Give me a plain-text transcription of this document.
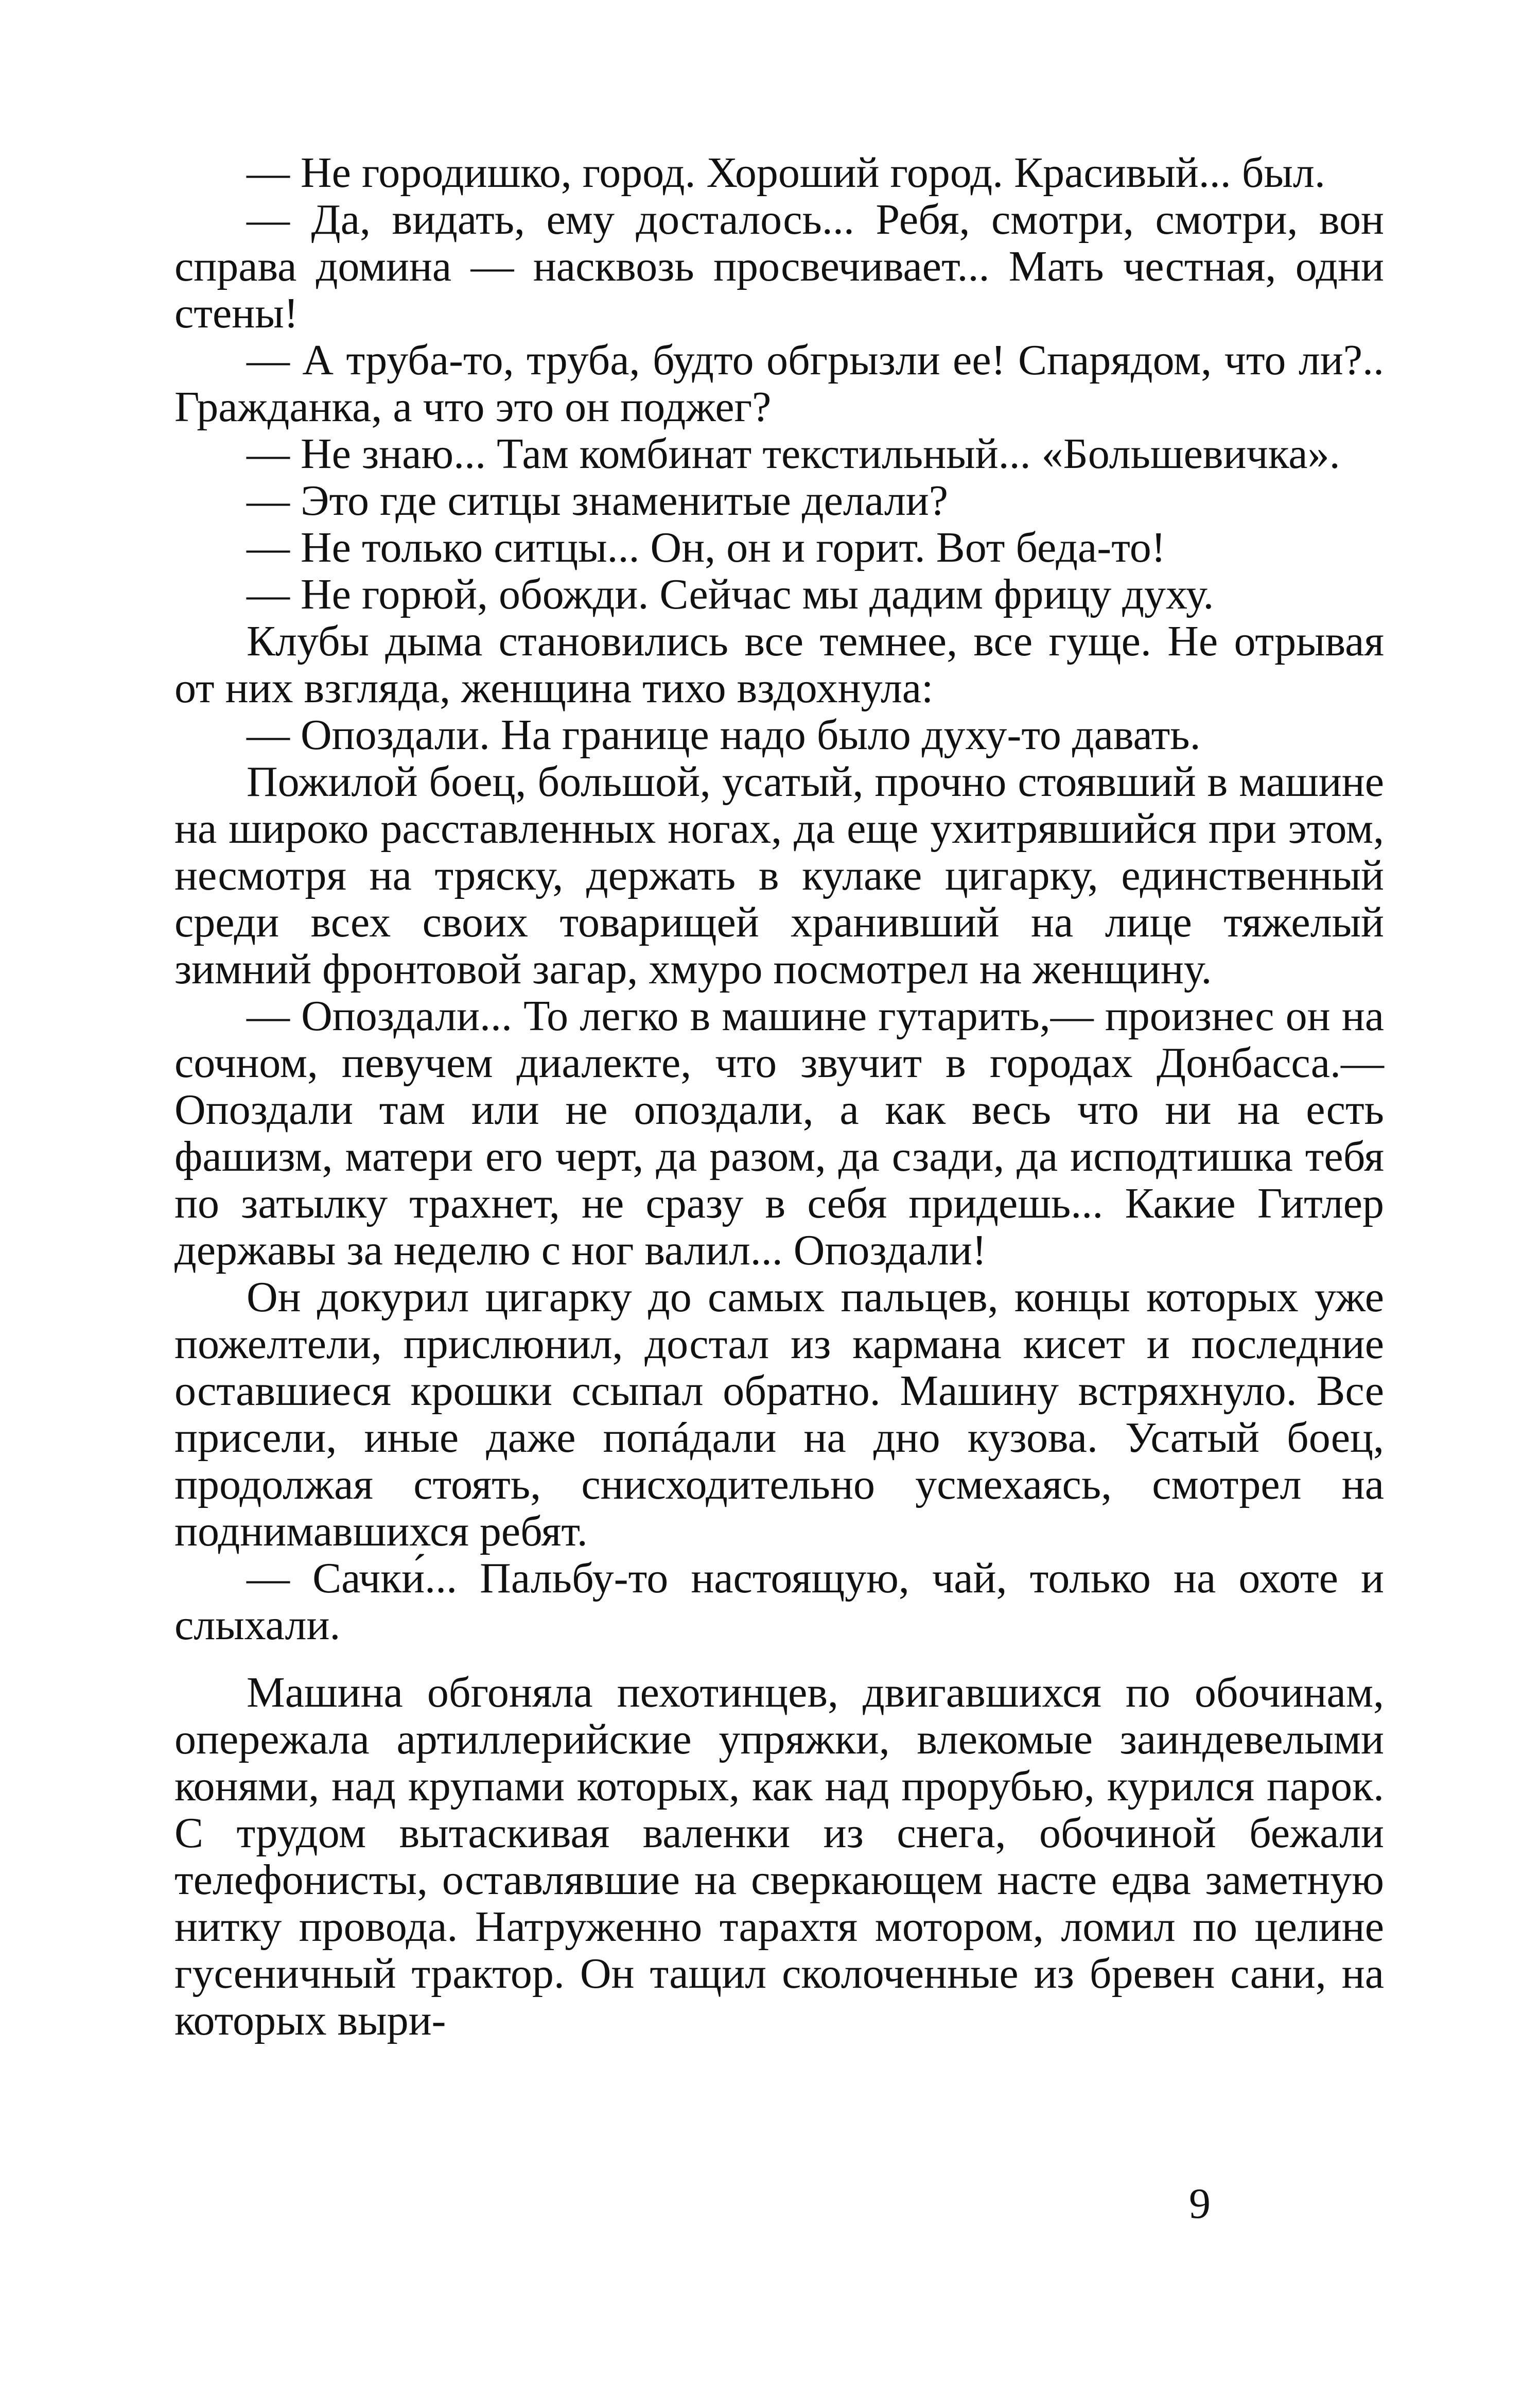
— Не городишко, город. Хороший город. Красивый... был.

— Да, видать, ему досталось... Ребя, смотри, смотри, вон справа домина — насквозь просвечивает... Мать честная, одни стены!

— А труба-то, труба, будто обгрызли ее! Спарядом, что ли?.. Гражданка, а что это он поджег?

— Не знаю... Там комбинат текстильный... «Большевичка».

— Это где ситцы знаменитые делали?

— Не только ситцы... Он, он и горит. Вот беда-то!

— Не горюй, обожди. Сейчас мы дадим фрицу духу.

Клубы дыма становились все темнее, все гуще. Не отрывая от них взгляда, женщина тихо вздохнула:

— Опоздали. На границе надо было духу-то давать.

Пожилой боец, большой, усатый, прочно стоявший в машине на широко расставленных ногах, да еще ухитрявшийся при этом, несмотря на тряску, держать в кулаке цигарку, единственный среди всех своих товарищей хранивший на лице тяжелый зимний фронтовой загар, хмуро посмотрел на женщину.

— Опоздали... То легко в машине гутарить,— произнес он на сочном, певучем диалекте, что звучит в городах Донбасса.— Опоздали там или не опоздали, а как весь что ни на есть фашизм, матери его черт, да разом, да сзади, да исподтишка тебя по затылку трахнет, не сразу в себя придешь... Какие Гитлер державы за неделю с ног валил... Опоздали!

Он докурил цигарку до самых пальцев, концы которых уже пожелтели, прислюнил, достал из кармана кисет и последние оставшиеся крошки ссыпал обратно. Машину встряхнуло. Все присели, иные даже попáдали на дно кузова. Усатый боец, продолжая стоять, снисходительно усмехаясь, смотрел на поднимавшихся ребят.

— Сачки́... Пальбу-то настоящую, чай, только на охоте и слыхали.

Машина обгоняла пехотинцев, двигавшихся по обочинам, опережала артиллерийские упряжки, влекомые заиндевелыми конями, над крупами которых, как над прорубью, курился парок. С трудом вытаскивая валенки из снега, обочиной бежали телефонисты, оставлявшие на сверкающем насте едва заметную нитку провода. Натруженно тарахтя мотором, ломил по целине гусеничный трактор. Он тащил сколоченные из бревен сани, на которых выри-

9
